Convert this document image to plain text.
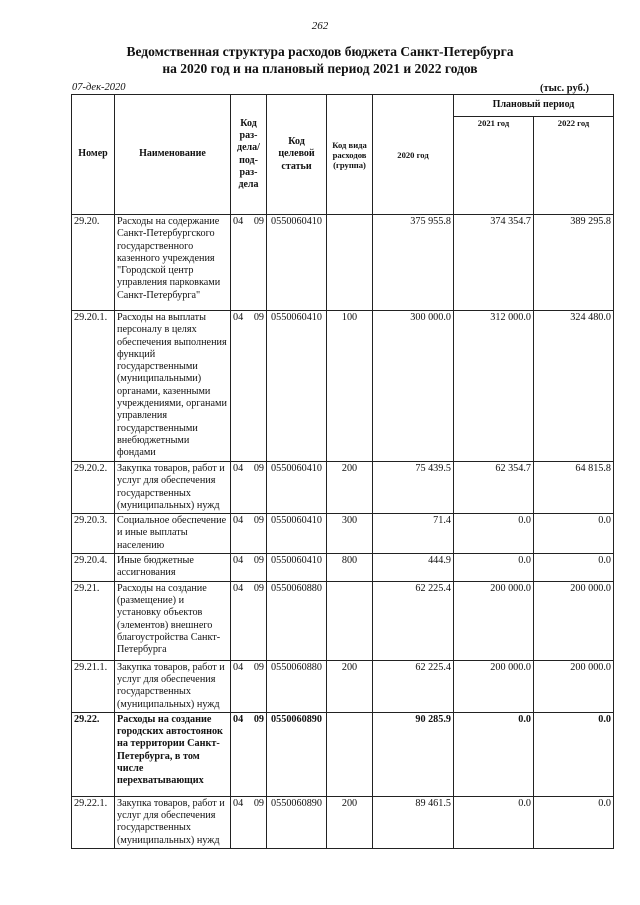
262
Ведомственная структура расходов бюджета Санкт-Петербурга
на 2020 год и на плановый период 2021 и 2022 годов
07-дек-2020	(тыс. руб.)
Номер	Наименование	Код раз- дела/ под- раз- дела	Код целевой статьи	Код вида расходов (группа)	2020 год	Плановый период	
						2021 год	2022 год
29.20.	Расходы на содержание Санкт-Петербургского государственного казенного учреждения "Городской центр управления парковками Санкт-Петербурга"	04 09	0550060410		375 955.8	374 354.7	389 295.8
29.20.1.	Расходы на выплаты персоналу в целях обеспечения выполнения функций государственными (муниципальными) органами, казенными учреждениями, органами управления государственными внебюджетными фондами	04 09	0550060410	100	300 000.0	312 000.0	324 480.0
29.20.2.	Закупка товаров, работ и услуг для обеспечения государственных (муниципальных) нужд	04 09	0550060410	200	75 439.5	62 354.7	64 815.8
29.20.3.	Социальное обеспечение и иные выплаты населению	04 09	0550060410	300	71.4	0.0	0.0
29.20.4.	Иные бюджетные ассигнования	04 09	0550060410	800	444.9	0.0	0.0
29.21.	Расходы на создание (размещение) и установку объектов (элементов) внешнего благоустройства Санкт-Петербурга	04 09	0550060880		62 225.4	200 000.0	200 000.0
29.21.1.	Закупка товаров, работ и услуг для обеспечения государственных (муниципальных) нужд	04 09	0550060880	200	62 225.4	200 000.0	200 000.0
29.22.	Расходы на создание городских автостоянок на территории Санкт-Петербурга, в том числе перехватывающих	04 09	0550060890		90 285.9	0.0	0.0
29.22.1.	Закупка товаров, работ и услуг для обеспечения государственных (муниципальных) нужд	04 09	0550060890	200	89 461.5	0.0	0.0
